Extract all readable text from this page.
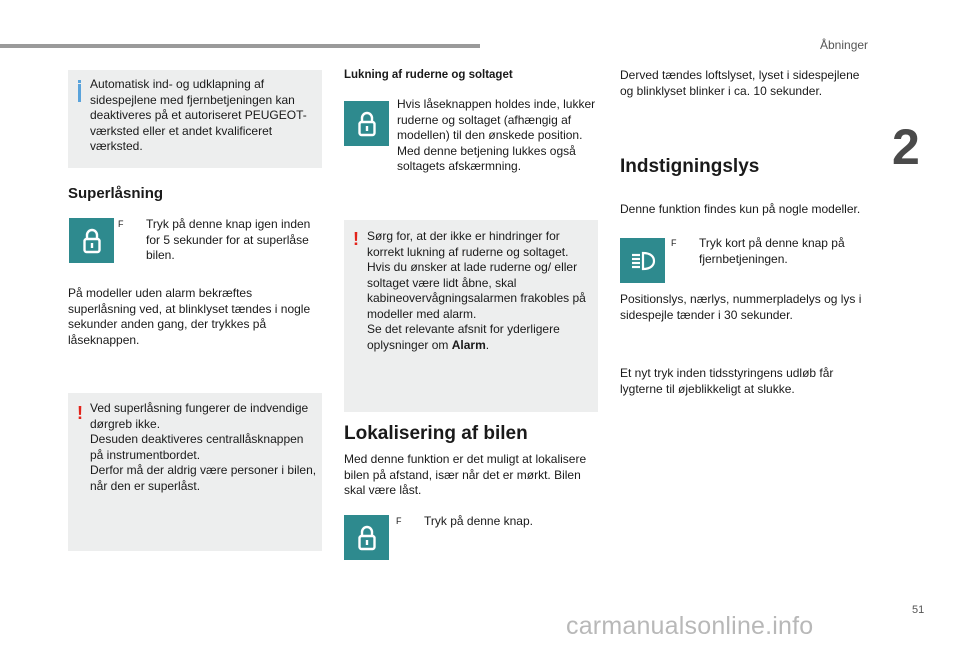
Åbninger
2
Automatisk ind- og udklapning af sidespejlene med fjernbetjeningen kan deaktiveres på et autoriseret PEUGEOT-værksted eller et andet kvalificeret værksted.
Superlåsning
F	Tryk på denne knap igen inden for 5 sekunder for at superlåse bilen.
På modeller uden alarm bekræftes superlåsning ved, at blinklyset tændes i nogle sekunder anden gang, der trykkes på låseknappen.
! Ved superlåsning fungerer de indvendige dørgreb ikke.
Desuden deaktiveres centrallåsknappen på instrumentbordet.
Derfor må der aldrig være personer i bilen, når den er superlåst.
Lukning af ruderne og soltaget
Hvis låseknappen holdes inde, lukker ruderne og soltaget (afhængig af modellen) til den ønskede position.
Med denne betjening lukkes også soltagets afskærmning.
! Sørg for, at der ikke er hindringer for korrekt lukning af ruderne og soltaget.
Hvis du ønsker at lade ruderne og/ eller soltaget være lidt åbne, skal kabineovervågningsalarmen frakobles på modeller med alarm.
Se det relevante afsnit for yderligere oplysninger om Alarm.
Lokalisering af bilen
Med denne funktion er det muligt at lokalisere bilen på afstand, især når det er mørkt. Bilen skal være låst.
F	Tryk på denne knap.
Derved tændes loftslyset, lyset i sidespejlene og blinklyset blinker i ca. 10 sekunder.
Indstigningslys
Denne funktion findes kun på nogle modeller.
F	Tryk kort på denne knap på fjernbetjeningen.
Positionslys, nærlys, nummerpladelys og lys i sidespejle tænder i 30 sekunder.
Et nyt tryk inden tidsstyringens udløb får lygterne til øjeblikkeligt at slukke.
51
carmanualsonline.info
